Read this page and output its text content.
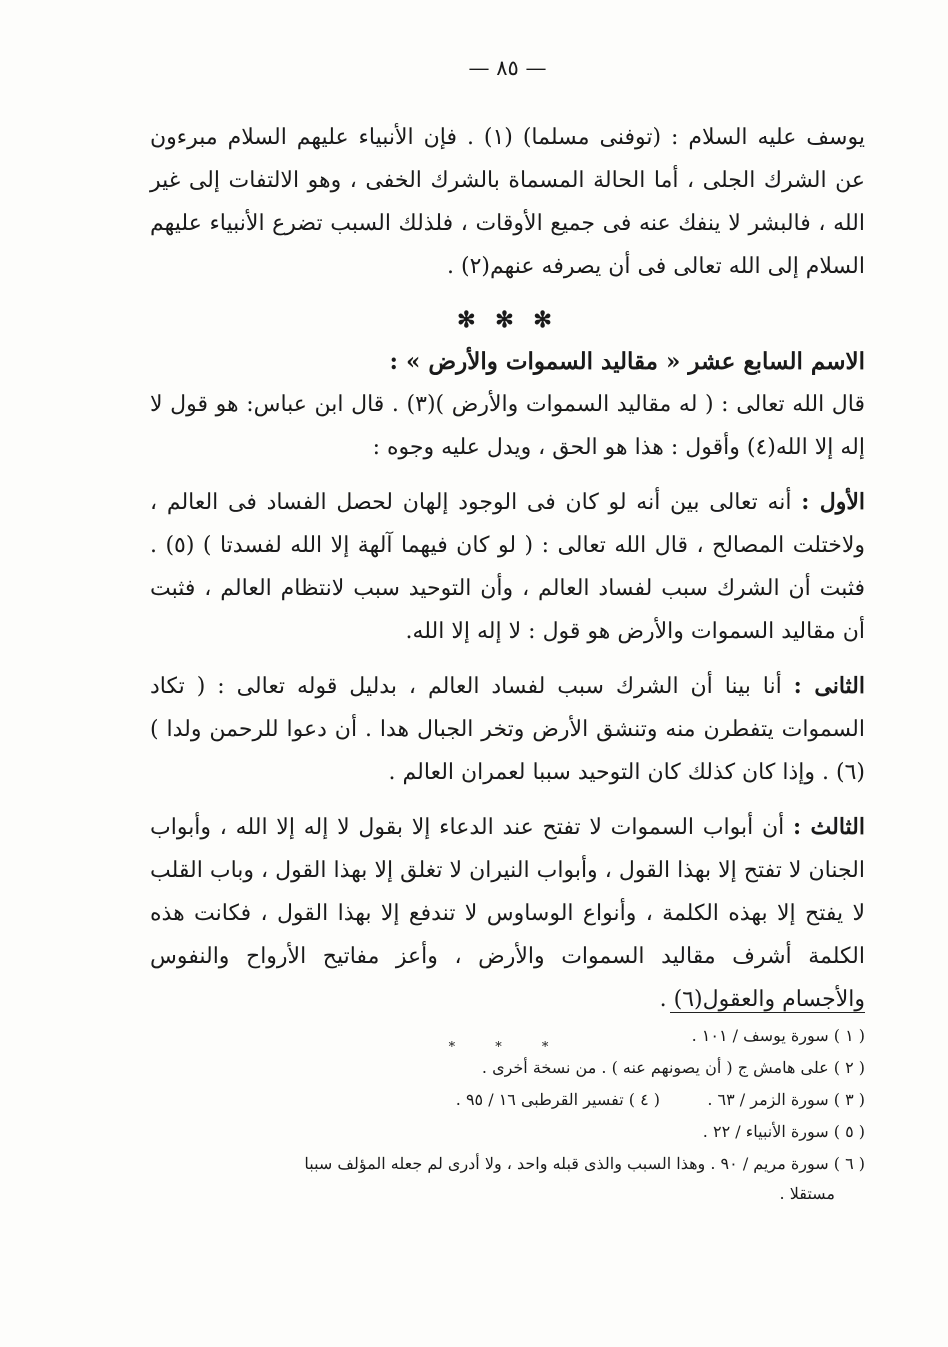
— ٨٥ —

يوسف عليه السلام : (توفنى مسلما) (١) . فإن الأنبياء عليهم السلام مبرءون عن الشرك الجلى ، أما الحالة المسماة بالشرك الخفى ، وهو الالتفات إلى غير الله ، فالبشر لا ينفك عنه فى جميع الأوقات ، فلذلك السبب تضرع الأنبياء عليهم السلام إلى الله تعالى فى أن يصرفه عنهم(٢) .

✻ ✻ ✻

الاسم السابع عشر « مقاليد السموات والأرض » :

قال الله تعالى : ( له مقاليد السموات والأرض )(٣) . قال ابن عباس: هو قول لا إله إلا الله(٤) وأقول : هذا هو الحق ، ويدل عليه وجوه :

الأول : أنه تعالى بين أنه لو كان فى الوجود إلهان لحصل الفساد فى العالم ، ولاختلت المصالح ، قال الله تعالى : ( لو كان فيهما آلهة إلا الله لفسدتا ) (٥) . فثبت أن الشرك سبب لفساد العالم ، وأن التوحيد سبب لانتظام العالم ، فثبت أن مقاليد السموات والأرض هو قول : لا إله إلا الله.

الثانى : أنا بينا أن الشرك سبب لفساد العالم ، بدليل قوله تعالى : ( تكاد السموات يتفطرن منه وتنشق الأرض وتخر الجبال هدا . أن دعوا للرحمن ولدا ) (٦) . وإذا كان كذلك كان التوحيد سببا لعمران العالم .

الثالث : أن أبواب السموات لا تفتح عند الدعاء إلا بقول لا إله إلا الله ، وأبواب الجنان لا تفتح إلا بهذا القول ، وأبواب النيران لا تغلق إلا بهذا القول ، وباب القلب لا يفتح إلا بهذه الكلمة ، وأنواع الوساوس لا تندفع إلا بهذا القول ، فكانت هذه الكلمة أشرف مقاليد السموات والأرض ، وأعز مفاتيح الأرواح والنفوس والأجسام والعقول(٦) .

* * *
( ١ ) سورة يوسف / ١٠١ .
( ٢ ) على هامش ج ( أن يصونهم عنه ) . من نسخة أخرى .
( ٣ ) سورة الزمر / ٦٣ .
( ٤ ) تفسير القرطبى ١٦ / ٩٥ .
( ٥ ) سورة الأنبياء / ٢٢ .
( ٦ ) سورة مريم / ٩٠ . وهذا السبب والذى قبله واحد ، ولا أدرى لم جعله المؤلف سببا
مستقلا .
